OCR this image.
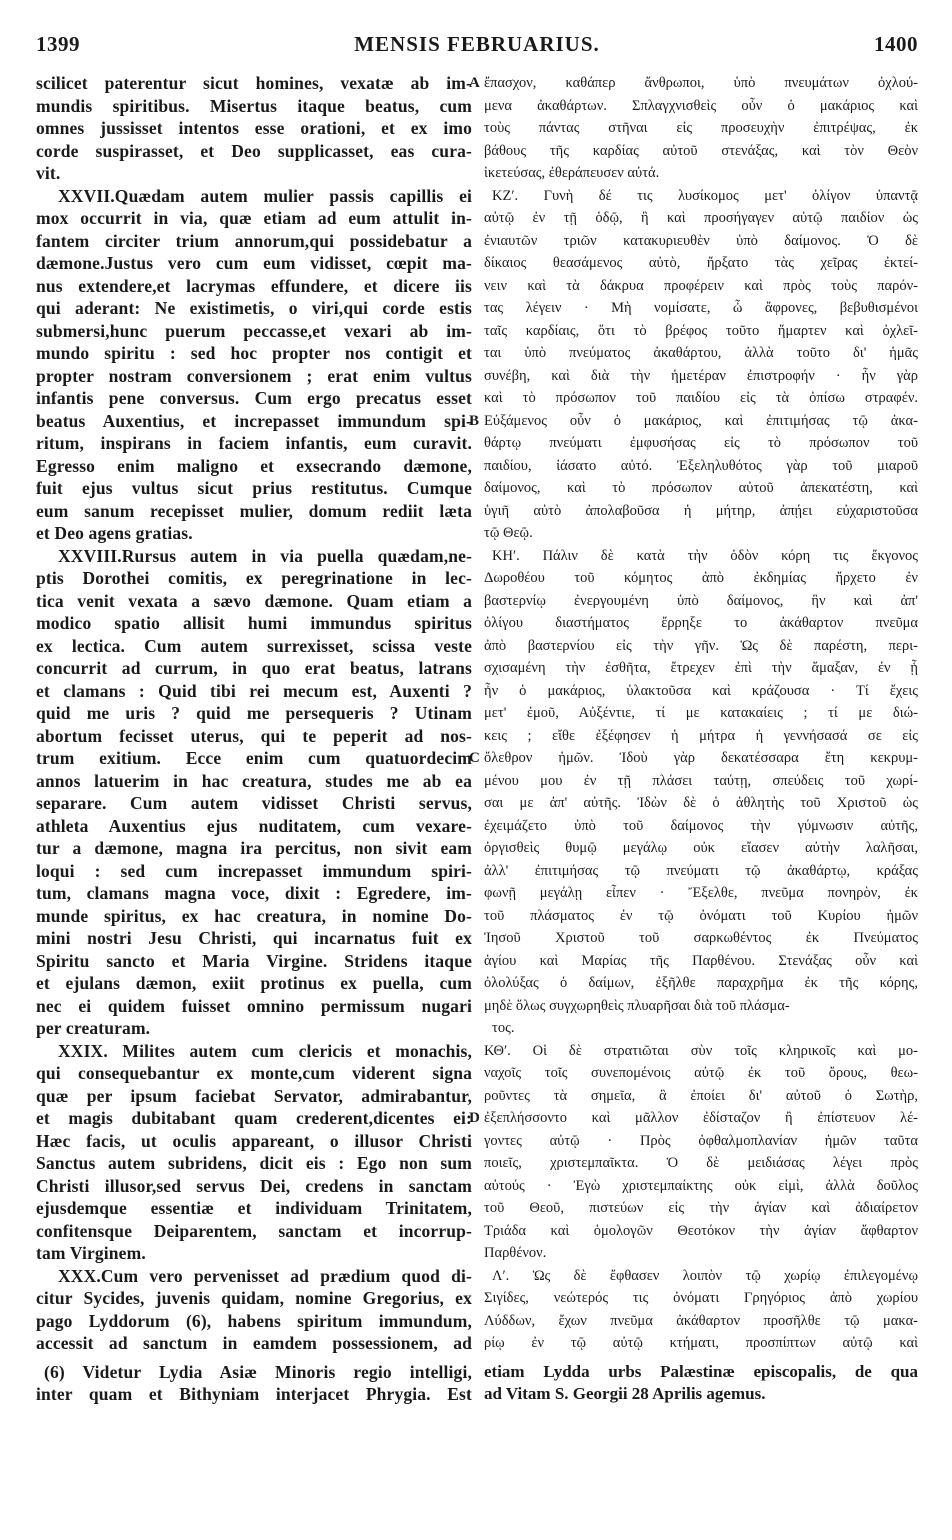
1399	MENSIS FEBRUARIUS.	1400
scilicet paterentur sicut homines, vexatæ ab im-
mundis spiritibus. Misertus itaque beatus, cum
omnes jussisset intentos esse orationi, et ex imo
corde suspirasset, et Deo supplicasset, eas cura-
vit.
XXVII.Quædam autem mulier passis capillis ei
mox occurrit in via, quæ etiam ad eum attulit in-
fantem circiter trium annorum,qui possidebatur a
dæmone.Justus vero cum eum vidisset, cœpit ma-
nus extendere,et lacrymas effundere, et dicere iis
qui aderant: Ne existimetis, o viri,qui corde estis
submersi,hunc puerum peccasse,et vexari ab im-
mundo spiritu : sed hoc propter nos contigit et
propter nostram conversionem ; erat enim vultus
infantis pene conversus. Cum ergo precatus esset
beatus Auxentius, et increpasset immundum spi-
ritum, inspirans in faciem infantis, eum curavit.
Egresso enim maligno et exsecrando dæmone,
fuit ejus vultus sicut prius restitutus. Cumque
eum sanum recepisset mulier, domum rediit læta
et Deo agens gratias.
XXVIII.Rursus autem in via puella quædam,ne-
ptis Dorothei comitis, ex peregrinatione in lec-
tica venit vexata a sævo dæmone. Quam etiam a
modico spatio allisit humi immundus spiritus
ex lectica. Cum autem surrexisset, scissa veste
concurrit ad currum, in quo erat beatus, latrans
et clamans : Quid tibi rei mecum est, Auxenti ?
quid me uris ? quid me persequeris ? Utinam
abortum fecisset uterus, qui te peperit ad nos-
trum exitium. Ecce enim cum quatuordecim
annos latuerim in hac creatura, studes me ab ea
separare. Cum autem vidisset Christi servus,
athleta Auxentius ejus nuditatem, cum vexare-
tur a dæmone, magna ira percitus, non sivit eam
loqui : sed cum increpasset immundum spiri-
tum, clamans magna voce, dixit : Egredere, im-
munde spiritus, ex hac creatura, in nomine Do-
mini nostri Jesu Christi, qui incarnatus fuit ex
Spiritu sancto et Maria Virgine. Stridens itaque
et ejulans dæmon, exiit protinus ex puella, cum
nec ei quidem fuisset omnino permissum nugari
per creaturam.
XXIX. Milites autem cum clericis et monachis,
qui consequebantur ex monte,cum viderent signa
quæ per ipsum faciebat Servator, admirabantur,
et magis dubitabant quam crederent,dicentes ei:
Hæc facis, ut oculis appareant, o illusor Christi
Sanctus autem subridens, dicit eis : Ego non sum
Christi illusor,sed servus Dei, credens in sanctam
ejusdemque essentiæ et individuam Trinitatem,
confitensque Deiparentem, sanctam et incorrup-
tam Virginem.
XXX.Cum vero pervenisset ad prædium quod di-
citur Sycides, juvenis quidam, nomine Gregorius, ex
pago Lyddorum (6), habens spiritum immundum,
accessit ad sanctum in eamdem possessionem, ad
(6) Videtur Lydia Asiæ Minoris regio intelligi,
inter quam et Bithyniam interjacet Phrygia. Est
ἔπασχον, καθάπερ ἄνθρωποι, ὑπὸ πνευμάτων ὀχλού-
μενα ἀκαθάρτων. Σπλαγχνισθεὶς οὖν ὁ μακάριος καὶ
τοὺς πάντας στῆναι εἰς προσευχὴν ἐπιτρέψας, ἐκ
βάθους τῆς καρδίας αὐτοῦ στενάξας, καὶ τὸν Θεὸν
ἱκετεύσας, ἐθεράπευσεν αὐτά.
ΚΖʹ. Γυνὴ δέ τις λυσίκομος μετ' ὀλίγον ὑπαντᾷ
αὐτῷ ἐν τῇ ὁδῷ, ἣ καὶ προσήγαγεν αὐτῷ παιδίον ὡς
ἐνιαυτῶν τριῶν κατακυριευθὲν ὑπὸ δαίμονος. Ὁ δὲ
δίκαιος θεασάμενος αὐτὸ, ἤρξατο τὰς χεῖρας ἐκτεί-
νειν καὶ τὰ δάκρυα προφέρειν καὶ πρὸς τοὺς παρόν-
τας λέγειν · Μὴ νομίσατε, ὦ ἄφρονες, βεβυθισμένοι
ταῖς καρδίαις, ὅτι τὸ βρέφος τοῦτο ἥμαρτεν καὶ ὀχλεῖ-
ται ὑπὸ πνεύματος ἀκαθάρτου, ἀλλὰ τοῦτο δι' ἡμᾶς
συνέβη, καὶ διὰ τὴν ἡμετέραν ἐπιστροφήν · ἦν γὰρ
καὶ τὸ πρόσωπον τοῦ παιδίου εἰς τὰ ὀπίσω στραφέν.
Εὐξάμενος οὖν ὁ μακάριος, καὶ ἐπιτιμήσας τῷ ἀκα-
θάρτῳ πνεύματι ἐμφυσήσας εἰς τὸ πρόσωπον τοῦ
παιδίου, ἰάσατο αὐτό. Ἐξεληλυθότος γὰρ τοῦ μιαροῦ
δαίμονος, καὶ τὸ πρόσωπον αὐτοῦ ἀπεκατέστη, καὶ
ὑγιῆ αὐτὸ ἀπολαβοῦσα ἡ μήτηρ, ἀπῄει εὐχαριστοῦσα
τῷ Θεῷ.
ΚΗʹ. Πάλιν δὲ κατὰ τὴν ὁδὸν κόρη τις ἔκγονος
Δωροθέου τοῦ κόμητος ἀπὸ ἐκδημίας ἤρχετο ἐν
βαστερνίῳ ἐνεργουμένη ὑπὸ δαίμονος, ἣν καὶ ἀπ'
ὀλίγου διαστήματος ἔρρηξε το ἀκάθαρτον πνεῦμα
ἀπὸ βαστερνίου εἰς τὴν γῆν. Ὡς δὲ παρέστη, περι-
σχισαμένη τὴν ἐσθῆτα, ἔτρεχεν ἐπὶ τὴν ἅμαξαν, ἐν ᾗ
ἦν ὁ μακάριος, ὑλακτοῦσα καὶ κράζουσα · Τί ἔχεις
μετ' ἐμοῦ, Αὐξέντιε, τί με κατακαίεις ; τί με διώ-
κεις ; εἴθε ἐξέφησεν ἡ μήτρα ἡ γεννήσασά σε εἰς
ὄλεθρον ἡμῶν. Ἰδοὺ γὰρ δεκατέσσαρα ἔτη κεκρυμ-
μένου μου ἐν τῇ πλάσει ταύτῃ, σπεύδεις τοῦ χωρί-
σαι με ἀπ' αὐτῆς. Ἰδὼν δὲ ὁ ἀθλητὴς τοῦ Χριστοῦ ὡς
ἐχειμάζετο ὑπὸ τοῦ δαίμονος τὴν γύμνωσιν αὐτῆς,
ὀργισθεὶς θυμῷ μεγάλῳ οὐκ εἴασεν αὐτὴν λαλῆσαι,
ἀλλ' ἐπιτιμήσας τῷ πνεύματι τῷ ἀκαθάρτῳ, κράξας
φωνῇ μεγάλῃ εἶπεν · Ἔξελθε, πνεῦμα πονηρὸν, ἐκ
τοῦ πλάσματος ἐν τῷ ὀνόματι τοῦ Κυρίου ἡμῶν
Ἰησοῦ Χριστοῦ τοῦ σαρκωθέντος ἐκ Πνεύματος
ἁγίου καὶ Μαρίας τῆς Παρθένου. Στενάξας οὖν καὶ
ὀλολύξας ὁ δαίμων, ἐξῆλθε παραχρῆμα ἐκ τῆς κόρης,
μηδὲ ὅλως συγχωρηθεὶς πλυαρῆσαι διὰ τοῦ πλάσμα-
τος.
ΚΘʹ. Οἱ δὲ στρατιῶται σὺν τοῖς κληρικοῖς καὶ μο-
ναχοῖς τοῖς συνεπομένοις αὐτῷ ἐκ τοῦ ὄρους, θεω-
ροῦντες τὰ σημεῖα, ἃ ἐποίει δι' αὐτοῦ ὁ Σωτὴρ,
ἐξεπλήσσοντο καὶ μᾶλλον ἐδίσταζον ἢ ἐπίστευον λέ-
γοντες αὐτῷ · Πρὸς ὀφθαλμοπλανίαν ἡμῶν ταῦτα
ποιεῖς, χριστεμπαῖκτα. Ὁ δὲ μειδιάσας λέγει πρὸς
αὐτούς · Ἐγὼ χριστεμπαίκτης οὐκ εἰμὶ, ἀλλὰ δοῦλος
τοῦ Θεοῦ, πιστεύων εἰς τὴν ἁγίαν καὶ ἀδιαίρετον
Τριάδα καὶ ὁμολογῶν Θεοτόκον τὴν ἁγίαν ἄφθαρτον
Παρθένον.
Λʹ. Ὡς δὲ ἔφθασεν λοιπὸν τῷ χωρίῳ ἐπιλεγομένῳ
Σιγίδες, νεώτερός τις ὀνόματι Γρηγόριος ἀπὸ χωρίου
Λύδδων, ἔχων πνεῦμα ἀκάθαρτον προσῆλθε τῷ μακα-
ρίῳ ἐν τῷ αὐτῷ κτήματι, προσπίπτων αὐτῷ καὶ
etiam Lydda urbs Palæstinæ episcopalis, de qua
ad Vitam S. Georgii 28 Aprilis agemus.
A
B
C
D
